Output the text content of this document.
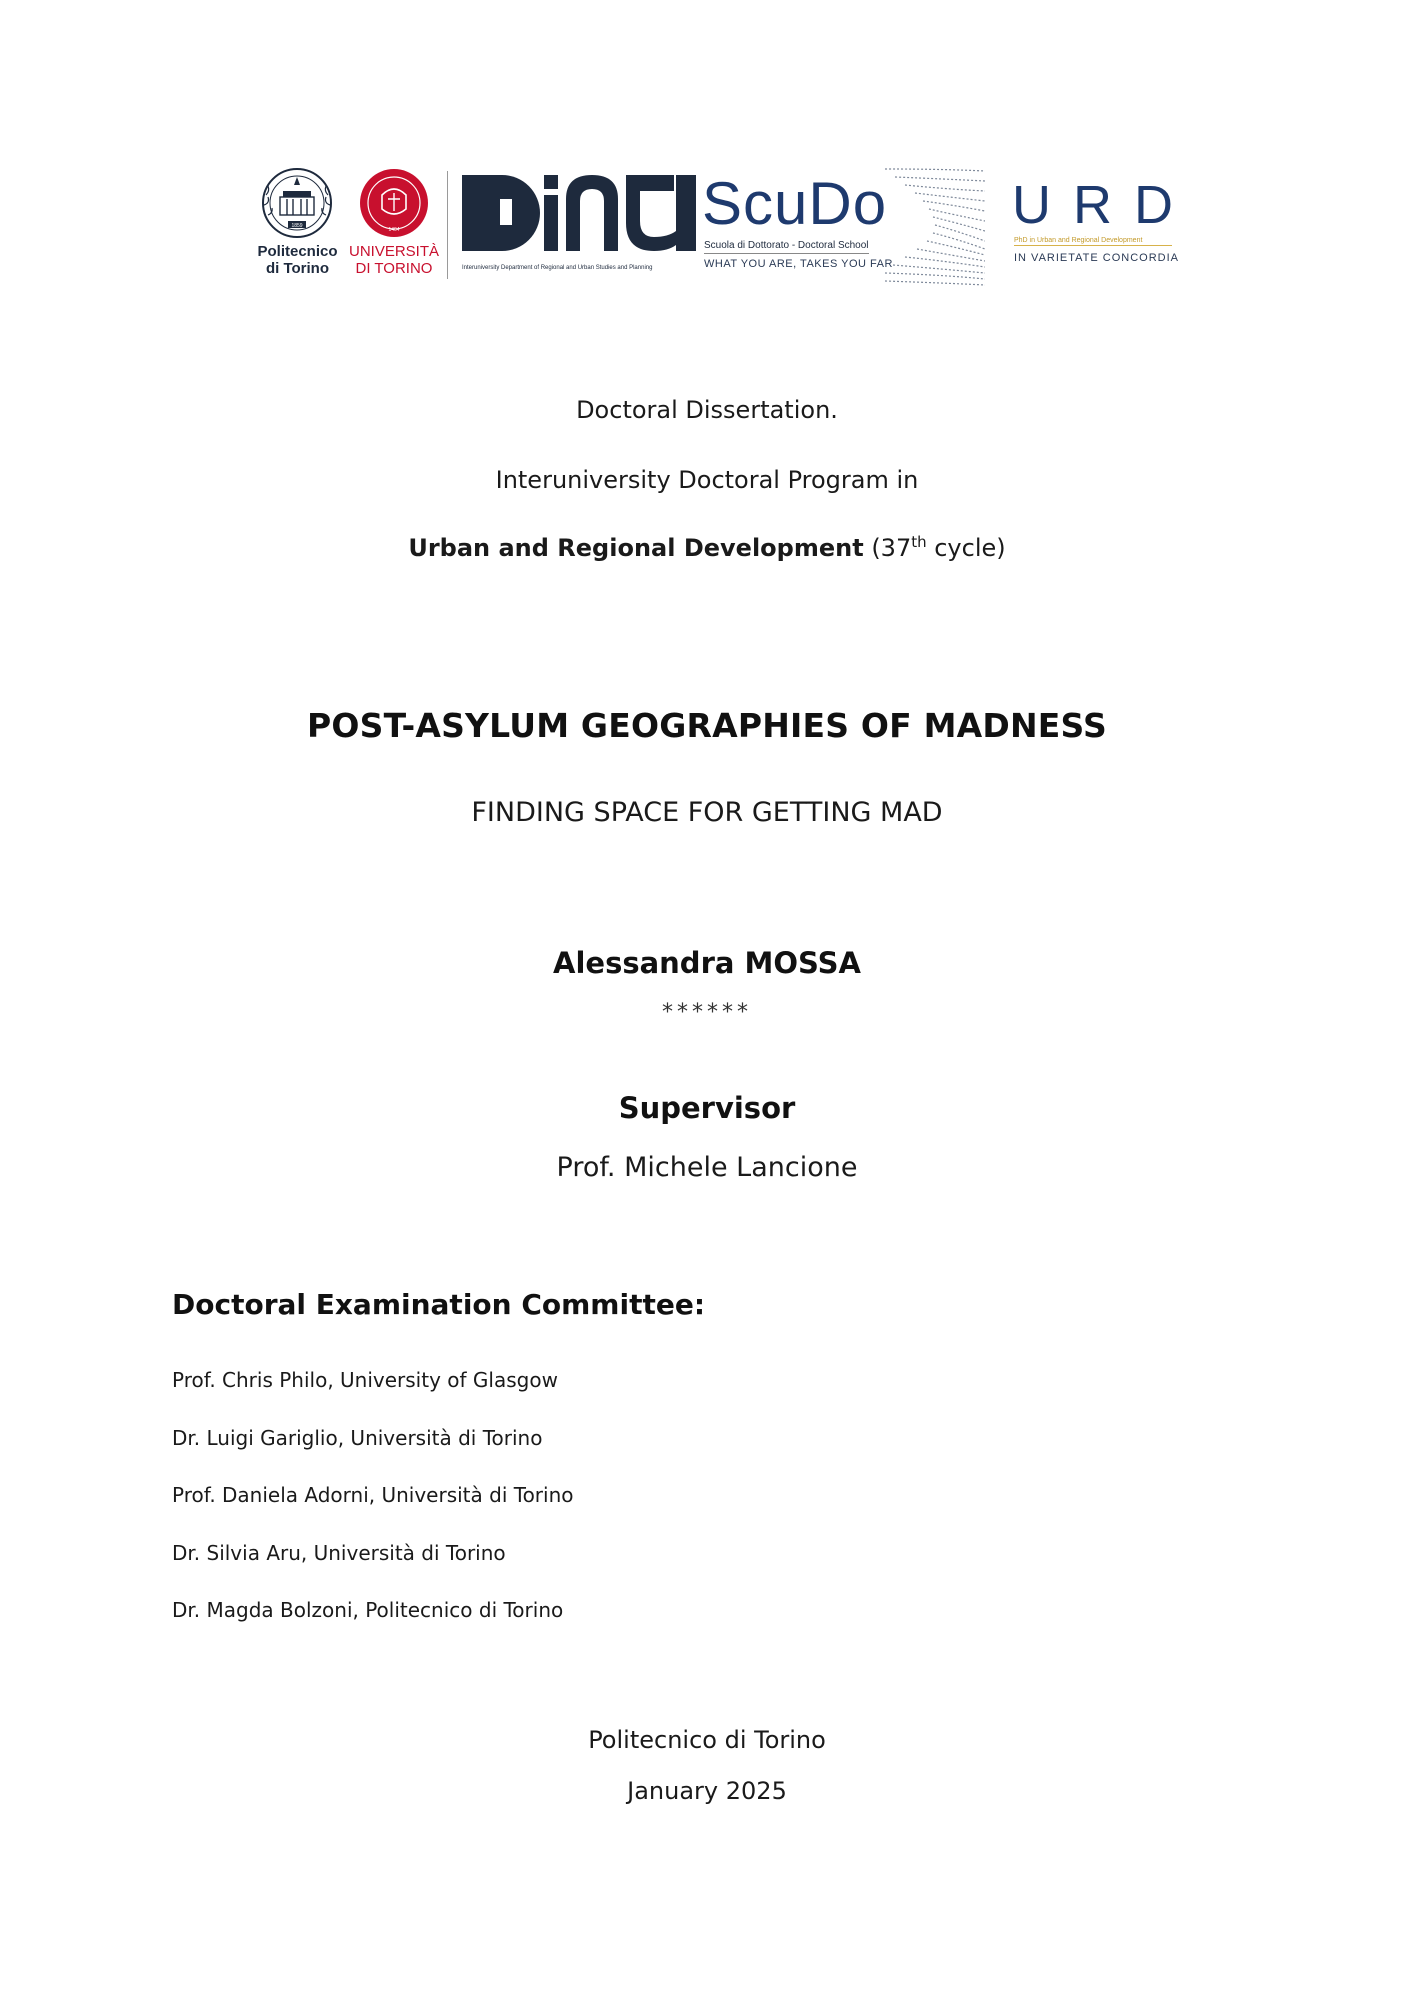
1859
Politecnico
di Torino
1404
UNIVERSITÀ
DI TORINO	Interuniversity Department of Regional and Urban Studies and Planning
ScuDo
Scuola di Dottorato - Doctoral School
WHAT YOU ARE, TAKES YOU FAR
URD
PhD in Urban and Regional Development
IN VARIETATE CONCORDIA
Doctoral Dissertation.
Interuniversity Doctoral Program in
Urban and Regional Development (37th cycle)
POST-ASYLUM GEOGRAPHIES OF MADNESS
FINDING SPACE FOR GETTING MAD
Alessandra MOSSA
******
Supervisor
Prof. Michele Lancione
Doctoral Examination Committee:
Prof. Chris Philo, University of Glasgow
Dr. Luigi Gariglio, Università di Torino
Prof. Daniela Adorni, Università di Torino
Dr. Silvia Aru, Università di Torino
Dr. Magda Bolzoni, Politecnico di Torino
Politecnico di Torino
January 2025
